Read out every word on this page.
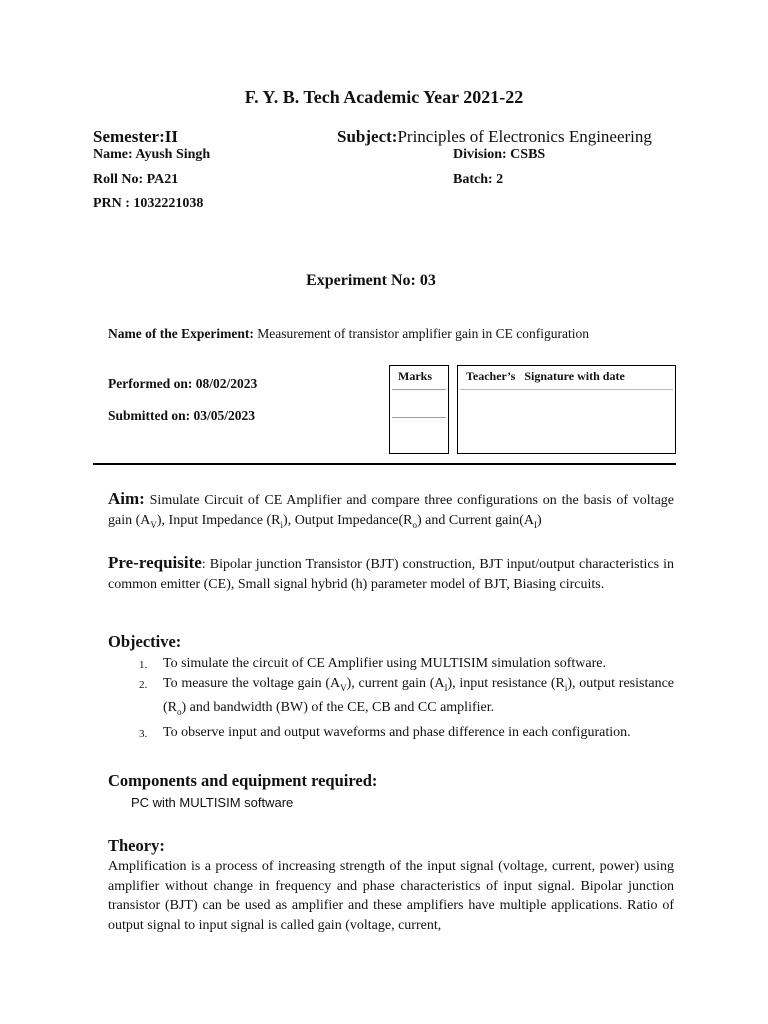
F. Y. B. Tech Academic Year 2021-22
Semester:II	Subject:Principles of Electronics Engineering
Name: Ayush Singh	Division: CSBS
Roll No: PA21	Batch: 2
PRN : 1032221038
Experiment No: 03
Name of the Experiment: Measurement of transistor amplifier gain in CE configuration
Performed on: 08/02/2023
Submitted on: 03/05/2023
Marks	Teacher’s Signature with date
Aim: Simulate Circuit of CE Amplifier and compare three configurations on the basis of voltage gain $(A_V)$, Input Impedance $(R_i)$, Output $Impedance(R_o)$ and Current $gain(A_I)$
Pre-requisite: Bipolar junction Transistor (BJT) construction, BJT input/output characteristics in common emitter (CE), Small signal hybrid (h) parameter model of BJT, Biasing circuits.
Objective:
1. To simulate the circuit of CE Amplifier using MULTISIM simulation software.
2. To measure the voltage gain $(A_V)$, current gain $(A_I)$, input resistance $(R_i)$, output resistance $(R_o)$ and bandwidth (BW) of the CE, CB and CC amplifier.
3. To observe input and output waveforms and phase difference in each configuration.
Components and equipment required:
PC with MULTISIM software
Theory:
Amplification is a process of increasing strength of the input signal (voltage, current, power) using amplifier without change in frequency and phase characteristics of input signal. Bipolar junction transistor (BJT) can be used as amplifier and these amplifiers have multiple applications. Ratio of output signal to input signal is called gain (voltage, current,
